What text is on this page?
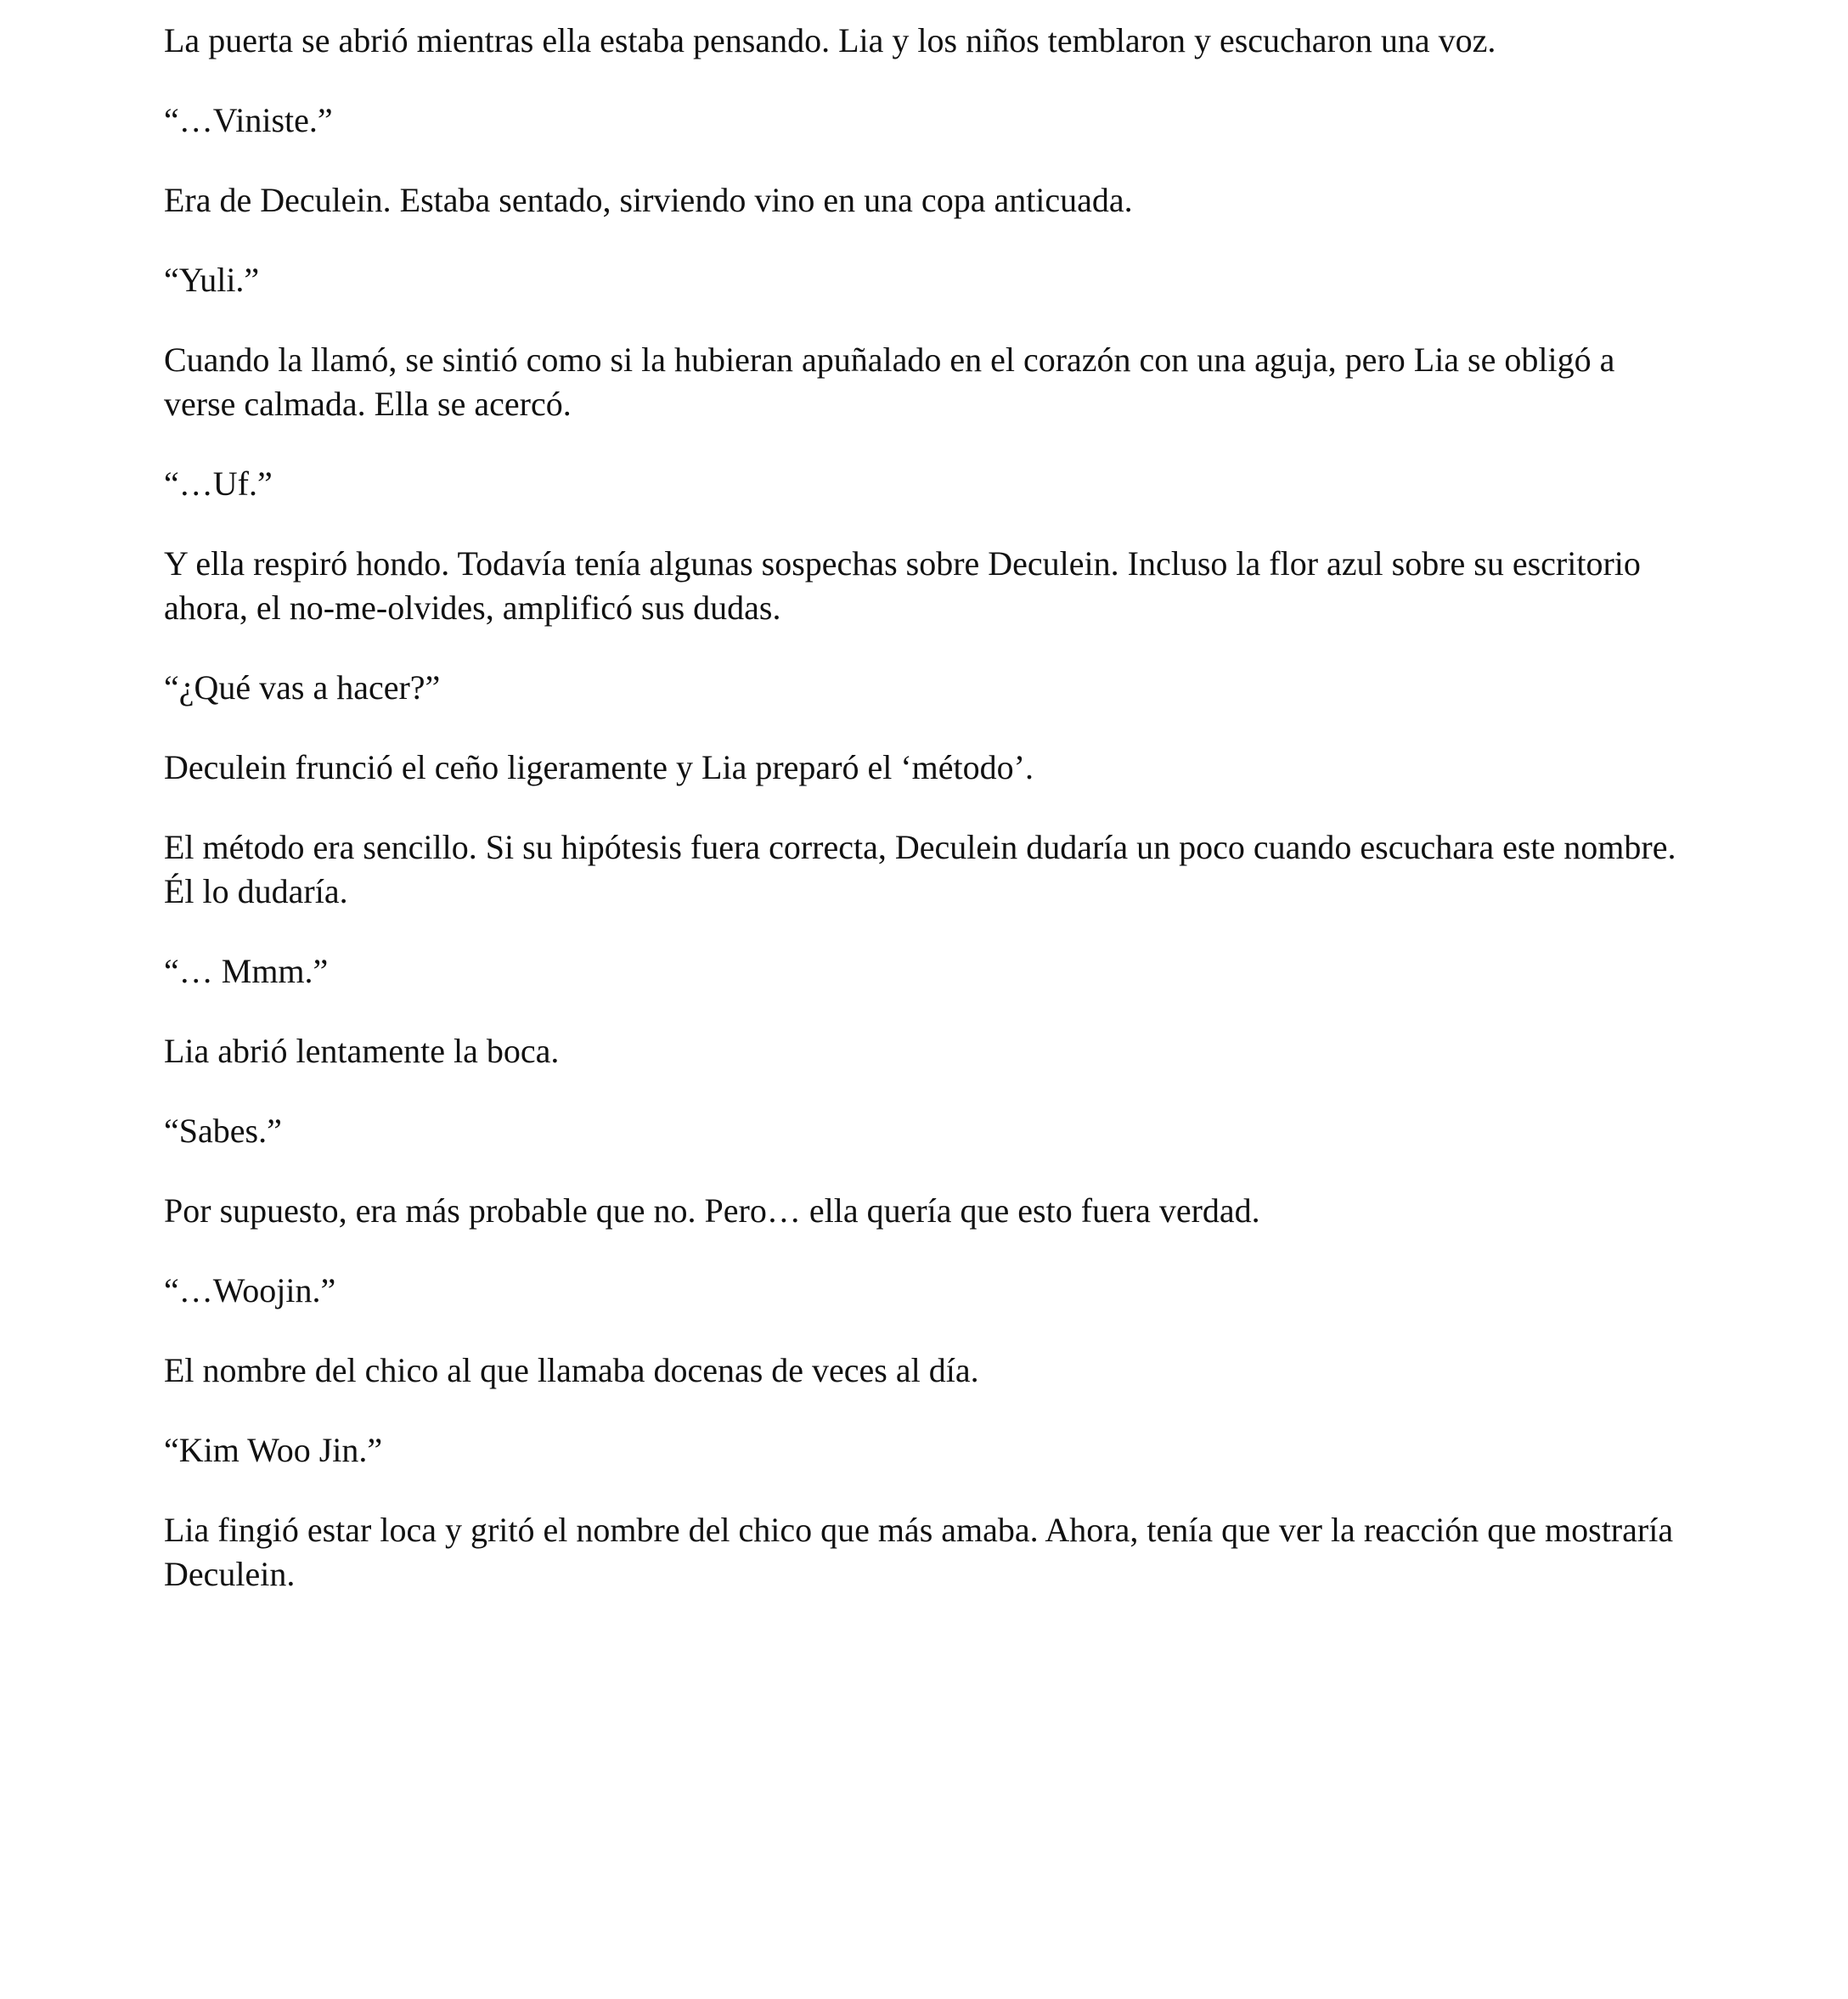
La puerta se abrió mientras ella estaba pensando. Lia y los niños temblaron y escucharon una voz.

“…Viniste.”

Era de Deculein. Estaba sentado, sirviendo vino en una copa anticuada.

“Yuli.”

Cuando la llamó, se sintió como si la hubieran apuñalado en el corazón con una aguja, pero Lia se obligó a verse calmada. Ella se acercó.

“…Uf.”

Y ella respiró hondo. Todavía tenía algunas sospechas sobre Deculein. Incluso la flor azul sobre su escritorio ahora, el no-me-olvides, amplificó sus dudas.

“¿Qué vas a hacer?”

Deculein frunció el ceño ligeramente y Lia preparó el ‘método’.

El método era sencillo. Si su hipótesis fuera correcta, Deculein dudaría un poco cuando escuchara este nombre. Él lo dudaría.

“… Mmm.”

Lia abrió lentamente la boca.

“Sabes.”

Por supuesto, era más probable que no. Pero… ella quería que esto fuera verdad.

“…Woojin.”

El nombre del chico al que llamaba docenas de veces al día.

“Kim Woo Jin.”

Lia fingió estar loca y gritó el nombre del chico que más amaba. Ahora, tenía que ver la reacción que mostraría Deculein.
